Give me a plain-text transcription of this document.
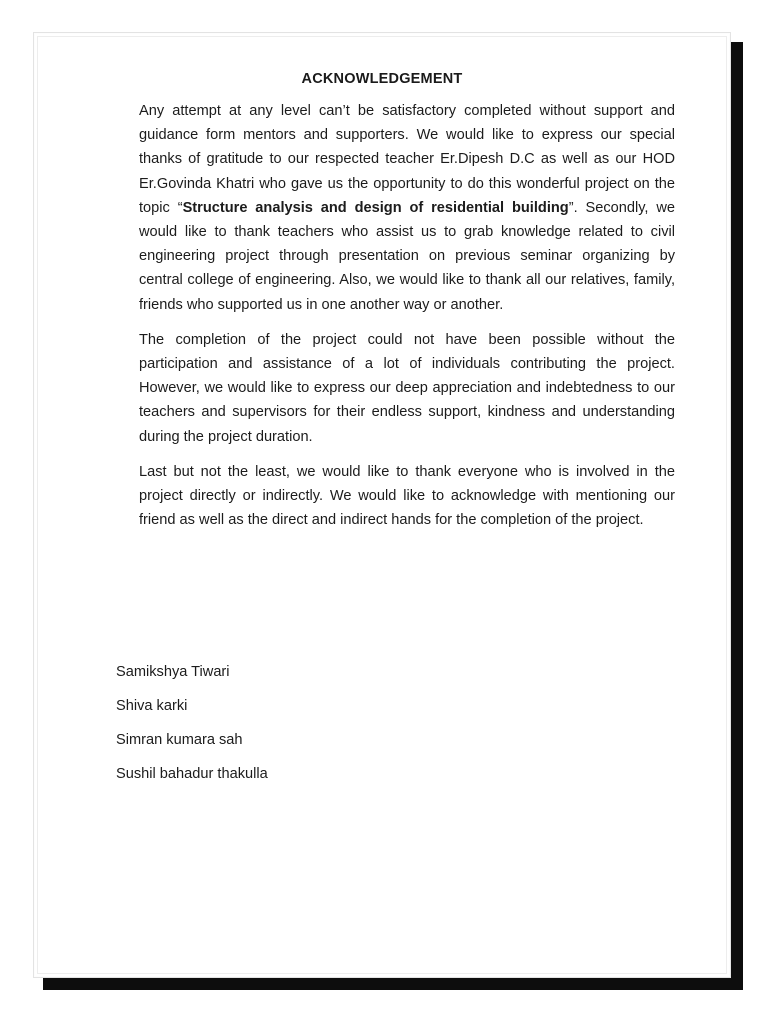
ACKNOWLEDGEMENT

Any attempt at any level can’t be satisfactory completed without support and guidance form mentors and supporters. We would like to express our special thanks of gratitude to our respected teacher Er.Dipesh D.C as well as our HOD Er.Govinda Khatri who gave us the opportunity to do this wonderful project on the topic “Structure analysis and design of residential building”. Secondly, we would like to thank teachers who assist us to grab knowledge related to civil engineering project through presentation on previous seminar organizing by central college of engineering. Also, we would like to thank all our relatives, family, friends who supported us in one another way or another.

The completion of the project could not have been possible without the participation and assistance of a lot of individuals contributing the project. However, we would like to express our deep appreciation and indebtedness to our teachers and supervisors for their endless support, kindness and understanding during the project duration.

Last but not the least, we would like to thank everyone who is involved in the project directly or indirectly. We would like to acknowledge with mentioning our friend as well as the direct and indirect hands for the completion of the project.

Samikshya Tiwari
Shiva karki
Simran kumara sah
Sushil bahadur thakulla
